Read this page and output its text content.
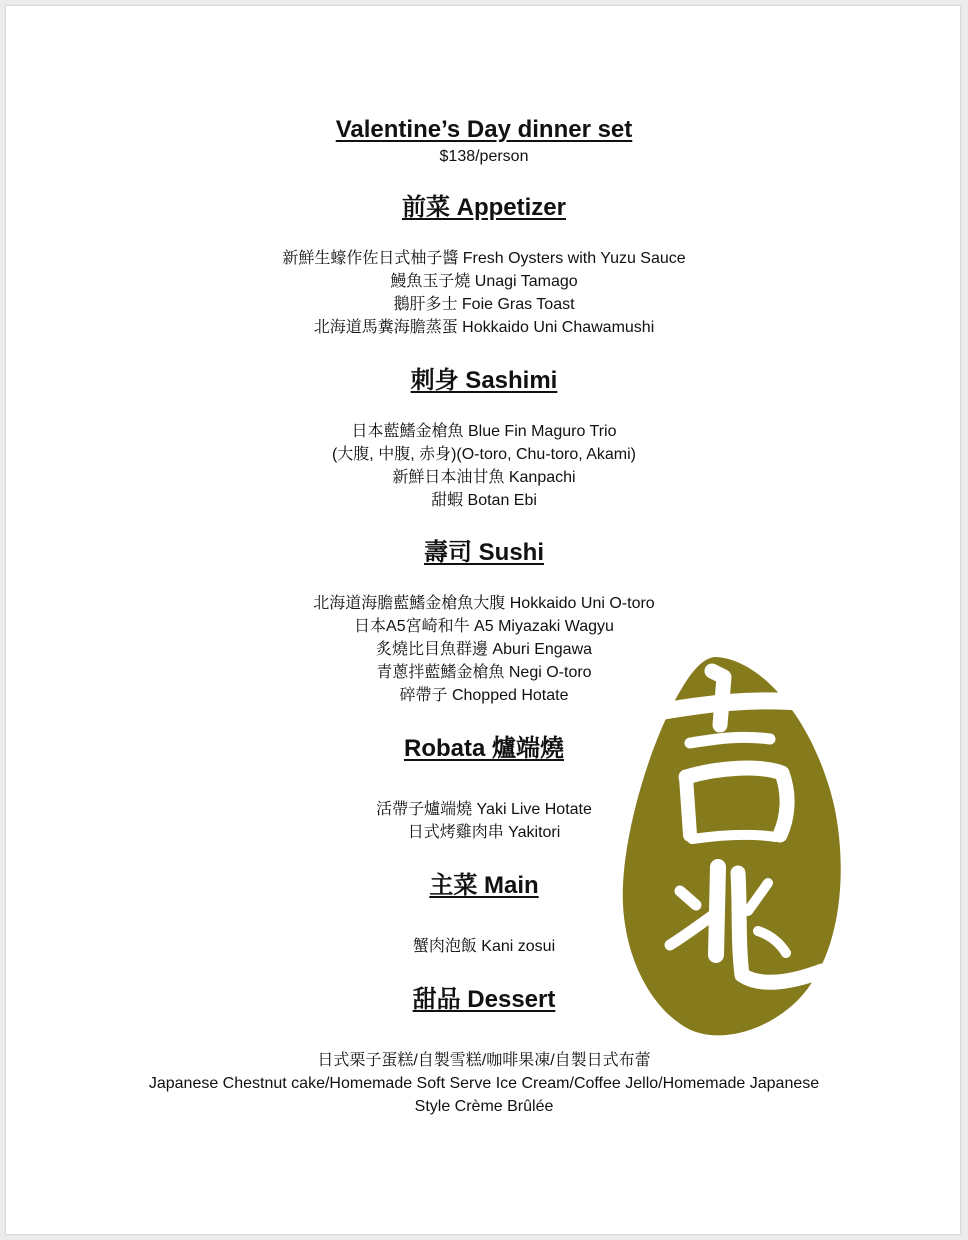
Valentine’s Day dinner set

$138/person

前菜 Appetizer
新鮮生蠔作佐日式柚子醬 Fresh Oysters with Yuzu Sauce
鰻魚玉子燒 Unagi Tamago
鵝肝多士 Foie Gras Toast
北海道馬糞海膽蒸蛋 Hokkaido Uni Chawamushi
刺身 Sashimi
日本藍鰭金槍魚 Blue Fin Maguro Trio
(大腹, 中腹, 赤身)(O-toro, Chu-toro, Akami)
新鮮日本油甘魚 Kanpachi
甜蝦 Botan Ebi
壽司 Sushi
北海道海膽藍鰭金槍魚大腹 Hokkaido Uni O-toro
日本A5宮崎和牛 A5 Miyazaki Wagyu
炙燒比目魚群邊 Aburi Engawa
青蔥拌藍鰭金槍魚 Negi O-toro
碎帶子 Chopped Hotate
Robata 爐端燒
活帶子爐端燒 Yaki Live Hotate
日式烤雞肉串 Yakitori
主菜 Main
蟹肉泡飯 Kani zosui
甜品 Dessert
日式栗子蛋糕/自製雪糕/咖啡果凍/自製日式布蕾
Japanese Chestnut cake/Homemade Soft Serve Ice Cream/Coffee Jello/Homemade Japanese
Style Crème Brûlée
